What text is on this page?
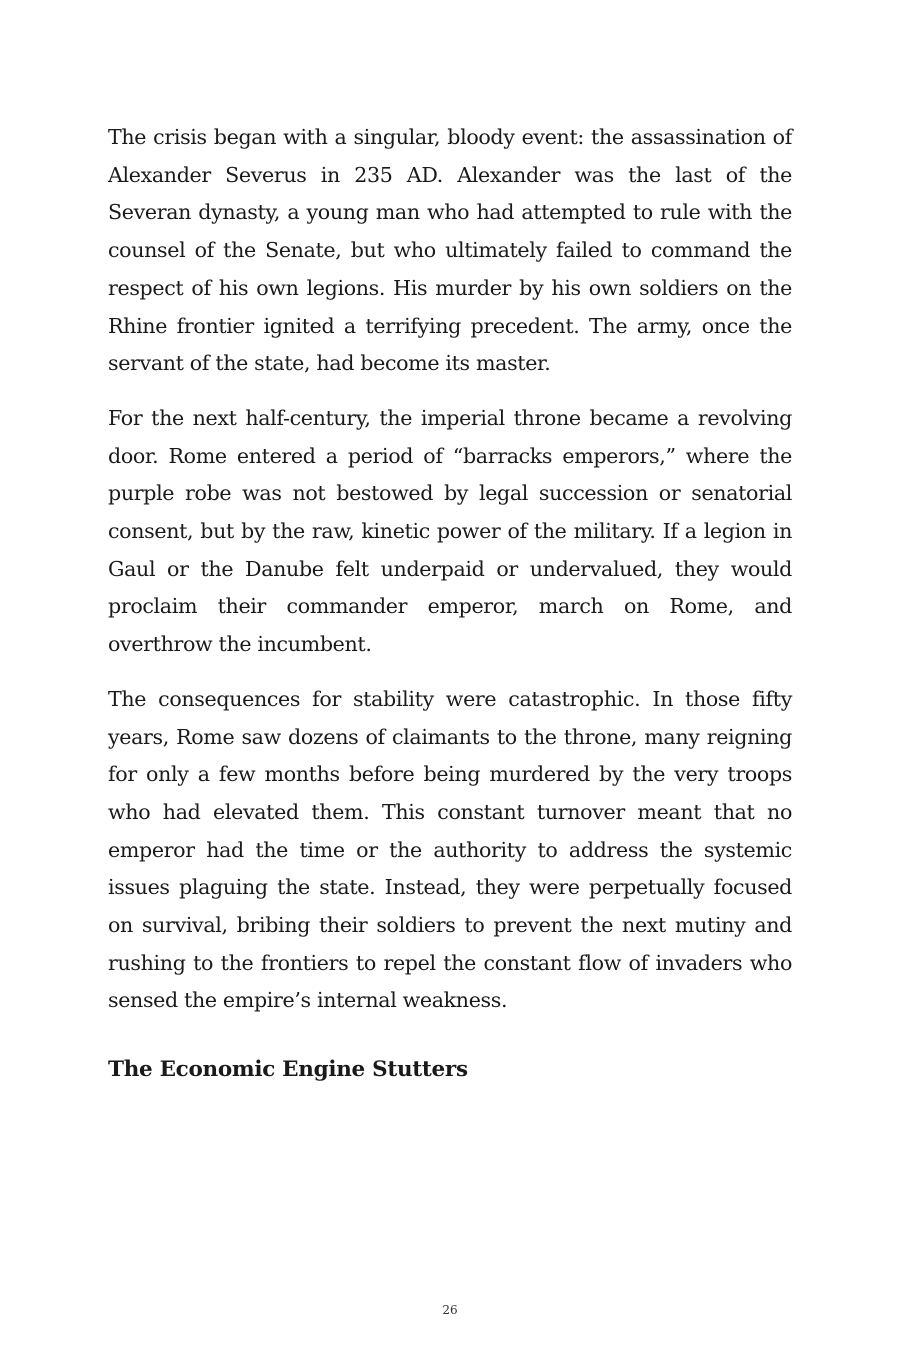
The crisis began with a singular, bloody event: the assassination of Alexander Severus in 235 AD. Alexander was the last of the Severan dynasty, a young man who had attempted to rule with the counsel of the Senate, but who ultimately failed to command the respect of his own legions. His murder by his own soldiers on the Rhine frontier ignited a terrifying precedent. The army, once the servant of the state, had become its master.

For the next half-century, the imperial throne became a revolving door. Rome entered a period of “barracks emperors,” where the purple robe was not bestowed by legal succession or senatorial consent, but by the raw, kinetic power of the military. If a legion in Gaul or the Danube felt underpaid or undervalued, they would proclaim their commander emperor, march on Rome, and overthrow the incumbent.

The consequences for stability were catastrophic. In those fifty years, Rome saw dozens of claimants to the throne, many reigning for only a few months before being murdered by the very troops who had elevated them. This constant turnover meant that no emperor had the time or the authority to address the systemic issues plaguing the state. Instead, they were perpetually focused on survival, bribing their soldiers to prevent the next mutiny and rushing to the frontiers to repel the constant flow of invaders who sensed the empire’s internal weakness.

The Economic Engine Stutters
26
